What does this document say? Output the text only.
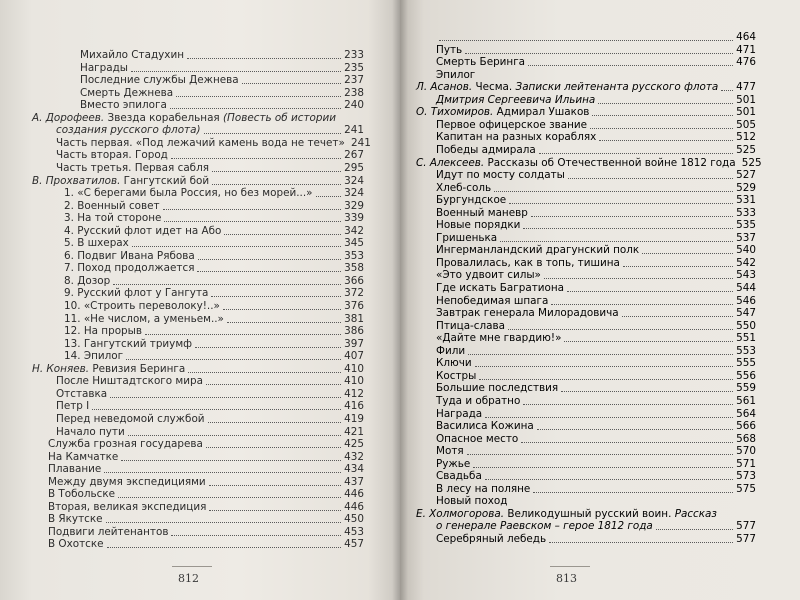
Михайло Стадухин	233
Награды	235
Последние службы Дежнева	237
Смерть Дежнева	238
Вместо эпилога	240
А. Дорофеев. Звезда корабельная (Повесть об истории
создания русского флота)	241
Часть первая. «Под лежачий камень вода не течет» 241
Часть вторая. Город	267
Часть третья. Первая сабля	295
В. Прохватилов. Гангутский бой	324
1. «С берегами была Россия, но без морей...»	324
2. Военный совет	329
3. На той стороне	339
4. Русский флот идет на Або	342
5. В шхерах	345
6. Подвиг Ивана Рябова	353
7. Поход продолжается	358
8. Дозор	366
9. Русский флот у Гангута	372
10. «Строить переволоку!..»	376
11. «Не числом, а уменьем..»	381
12. На прорыв	386
13. Гангутский триумф	397
14. Эпилог	407
Н. Коняев. Ревизия Беринга	410
После Ништадтского мира	410
Отставка	412
Петр I	416
Перед неведомой службой	419
Начало пути	421
Служба грозная государева	425
На Камчатке	432
Плавание	434
Между двумя экспедициями	437
В Тобольске	446
Вторая, великая экспедиция	446
В Якутске	450
Подвиги лейтенантов	453
В Охотске	457
812	813
464
Путь	471
Смерть Беринга	476
Эпилог
Л. Асанов. Чесма. Записки лейтенанта русского флота 477
Дмитрия Сергеевича Ильина	501
О. Тихомиров. Адмирал Ушаков	501
Первое офицерское звание	505
Капитан на разных кораблях	512
Победы адмирала	525
С. Алексеев. Рассказы об Отечественной войне 1812 года 525
Идут по мосту солдаты	527
Хлеб-соль	529
Бургундское	531
Военный маневр	533
Новые порядки	535
Гришенька	537
Ингерманландский драгунский полк	540
Провалилась, как в топь, тишина	542
«Это удвоит силы»	543
Где искать Багратиона	544
Непобедимая шпага	546
Завтрак генерала Милорадовича	547
Птица-слава	550
«Дайте мне гвардию!»	551
Фили	553
Ключи	555
Костры	556
Большие последствия	559
Туда и обратно	561
Награда	564
Василиса Кожина	566
Опасное место	568
Мотя	570
Ружье	571
Свадьба	573
В лесу на поляне	575
Новый поход
Е. Холмогорова. Великодушный русский воин. Рассказ
о генерале Раевском – герое 1812 года	577
Серебряный лебедь	577
